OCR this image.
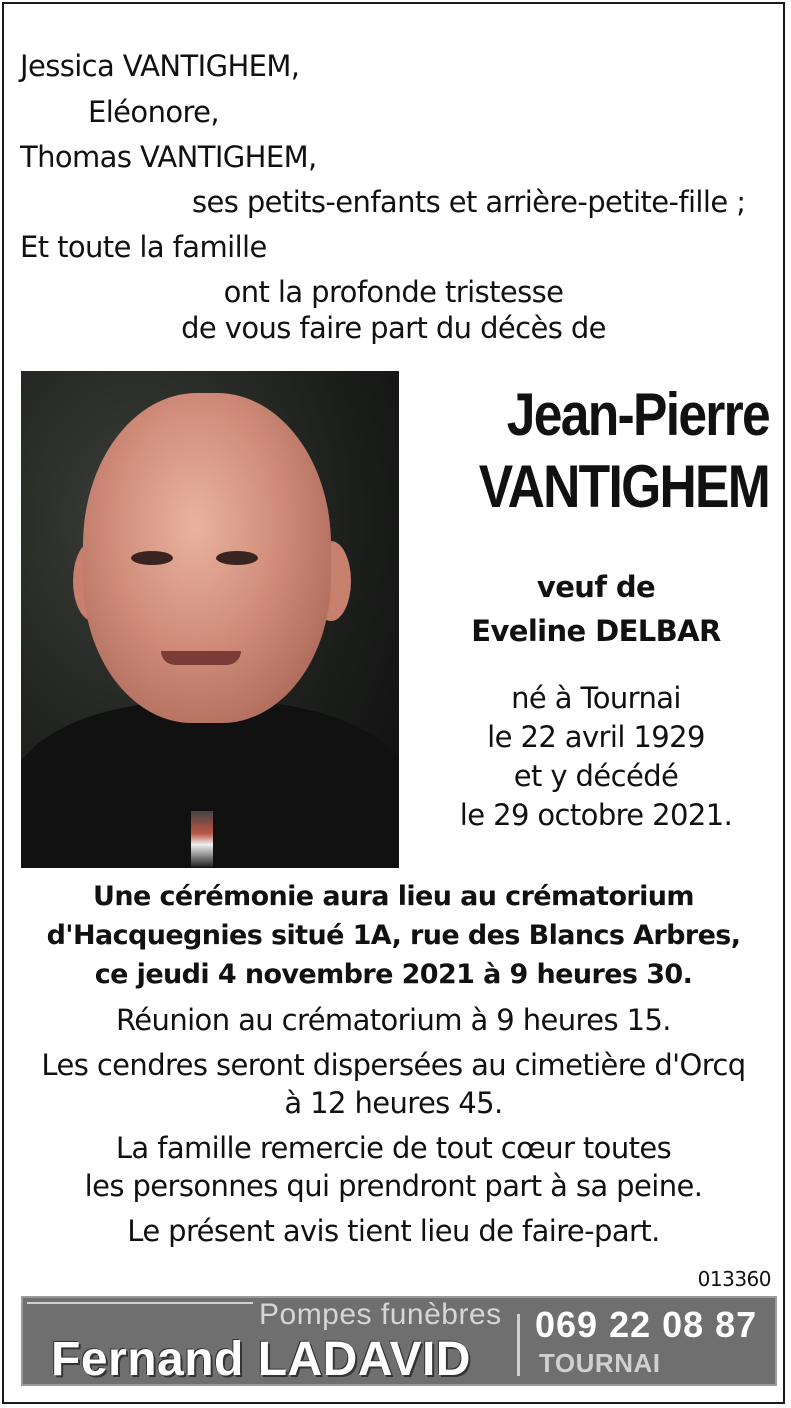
Jessica VANTIGHEM,
Eléonore,
Thomas VANTIGHEM,
ses petits-enfants et arrière-petite-fille ;
Et toute la famille
ont la profonde tristesse
de vous faire part du décès de
Jean-Pierre
VANTIGHEM
veuf de
Eveline DELBAR
né à Tournai
le 22 avril 1929
et y décédé
le 29 octobre 2021.
Une cérémonie aura lieu au crématorium
d'Hacquegnies situé 1A, rue des Blancs Arbres,
ce jeudi 4 novembre 2021 à 9 heures 30.
Réunion au crématorium à 9 heures 15.
Les cendres seront dispersées au cimetière d'Orcq
à 12 heures 45.
La famille remercie de tout cœur toutes
les personnes qui prendront part à sa peine.
Le présent avis tient lieu de faire-part.
013360
Pompes funèbres
Fernand LADAVID
069 22 08 87
TOURNAI
